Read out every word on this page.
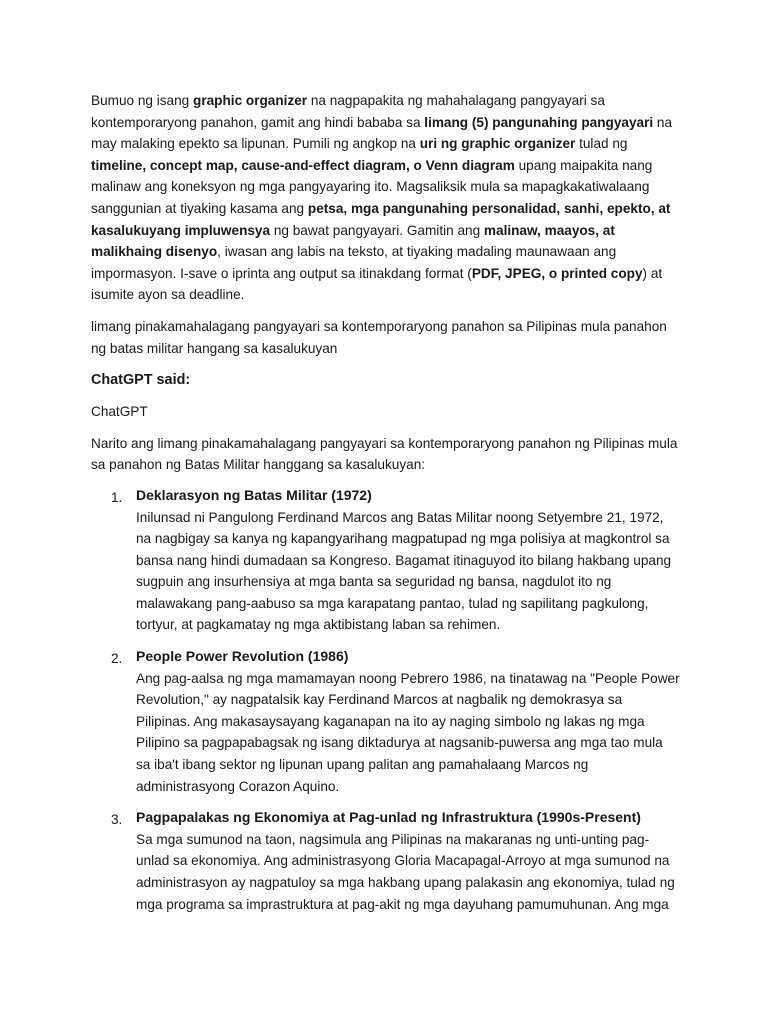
Bumuo ng isang graphic organizer na nagpapakita ng mahahalagang pangyayari sa kontemporaryong panahon, gamit ang hindi bababa sa limang (5) pangunahing pangyayari na may malaking epekto sa lipunan. Pumili ng angkop na uri ng graphic organizer tulad ng timeline, concept map, cause-and-effect diagram, o Venn diagram upang maipakita nang malinaw ang koneksyon ng mga pangyayaring ito. Magsaliksik mula sa mapagkakatiwalaang sanggunian at tiyaking kasama ang petsa, mga pangunahing personalidad, sanhi, epekto, at kasalukuyang impluwensya ng bawat pangyayari. Gamitin ang malinaw, maayos, at malikhaing disenyo, iwasan ang labis na teksto, at tiyaking madaling maunawaan ang impormasyon. I-save o iprinta ang output sa itinakdang format (PDF, JPEG, o printed copy) at isumite ayon sa deadline.

limang pinakamahalagang pangyayari sa kontemporaryong panahon sa Pilipinas mula panahon ng batas militar hangang sa kasalukuyan

ChatGPT said:

ChatGPT

Narito ang limang pinakamahalagang pangyayari sa kontemporaryong panahon ng Pilipinas mula sa panahon ng Batas Militar hanggang sa kasalukuyan:

1. Deklarasyon ng Batas Militar (1972)
Inilunsad ni Pangulong Ferdinand Marcos ang Batas Militar noong Setyembre 21, 1972, na nagbigay sa kanya ng kapangyarihang magpatupad ng mga polisiya at magkontrol sa bansa nang hindi dumadaan sa Kongreso. Bagamat itinaguyod ito bilang hakbang upang sugpuin ang insurhensiya at mga banta sa seguridad ng bansa, nagdulot ito ng malawakang pang-aabuso sa mga karapatang pantao, tulad ng sapilitang pagkulong, tortyur, at pagkamatay ng mga aktibistang laban sa rehimen.
2. People Power Revolution (1986)
Ang pag-aalsa ng mga mamamayan noong Pebrero 1986, na tinatawag na "People Power Revolution," ay nagpatalsik kay Ferdinand Marcos at nagbalik ng demokrasya sa Pilipinas. Ang makasaysayang kaganapan na ito ay naging simbolo ng lakas ng mga Pilipino sa pagpapabagsak ng isang diktadurya at nagsanib-puwersa ang mga tao mula sa iba't ibang sektor ng lipunan upang palitan ang pamahalaang Marcos ng administrasyong Corazon Aquino.
3. Pagpapalakas ng Ekonomiya at Pag-unlad ng Infrastruktura (1990s-Present)
Sa mga sumunod na taon, nagsimula ang Pilipinas na makaranas ng unti-unting pag-unlad sa ekonomiya. Ang administrasyong Gloria Macapagal-Arroyo at mga sumunod na administrasyon ay nagpatuloy sa mga hakbang upang palakasin ang ekonomiya, tulad ng mga programa sa imprastruktura at pag-akit ng mga dayuhang pamumuhunan. Ang mga
